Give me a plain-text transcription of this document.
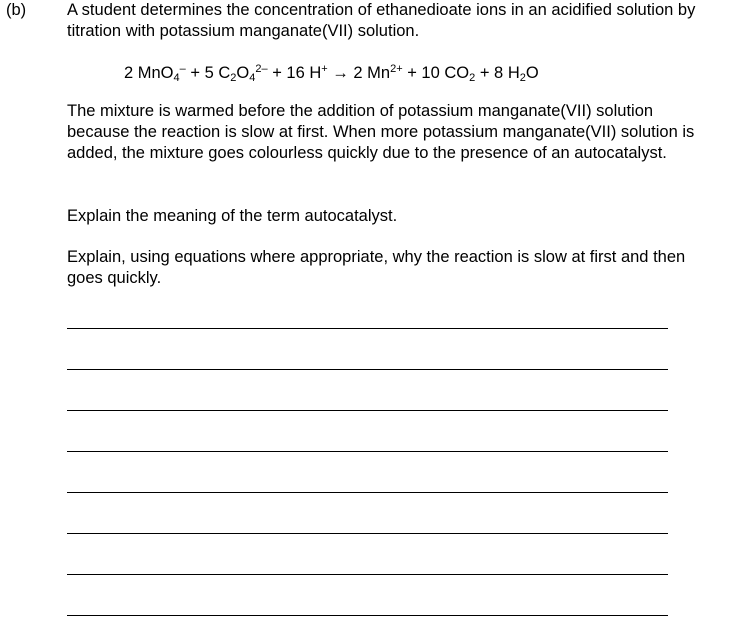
(b) A student determines the concentration of ethanedioate ions in an acidified solution by titration with potassium manganate(VII) solution.

2 MnO$_4$– + 5 $C_2O_4^{2-} + 16$ H+ → 2 $Mn^{2+} + 10$ $CO_2 + 8$ $H_2O$

The mixture is warmed before the addition of potassium manganate(VII) solution because the reaction is slow at first. When more potassium manganate(VII) solution is added, the mixture goes colourless quickly due to the presence of an autocatalyst.

Explain the meaning of the term autocatalyst.

Explain, using equations where appropriate, why the reaction is slow at first and then goes quickly.
